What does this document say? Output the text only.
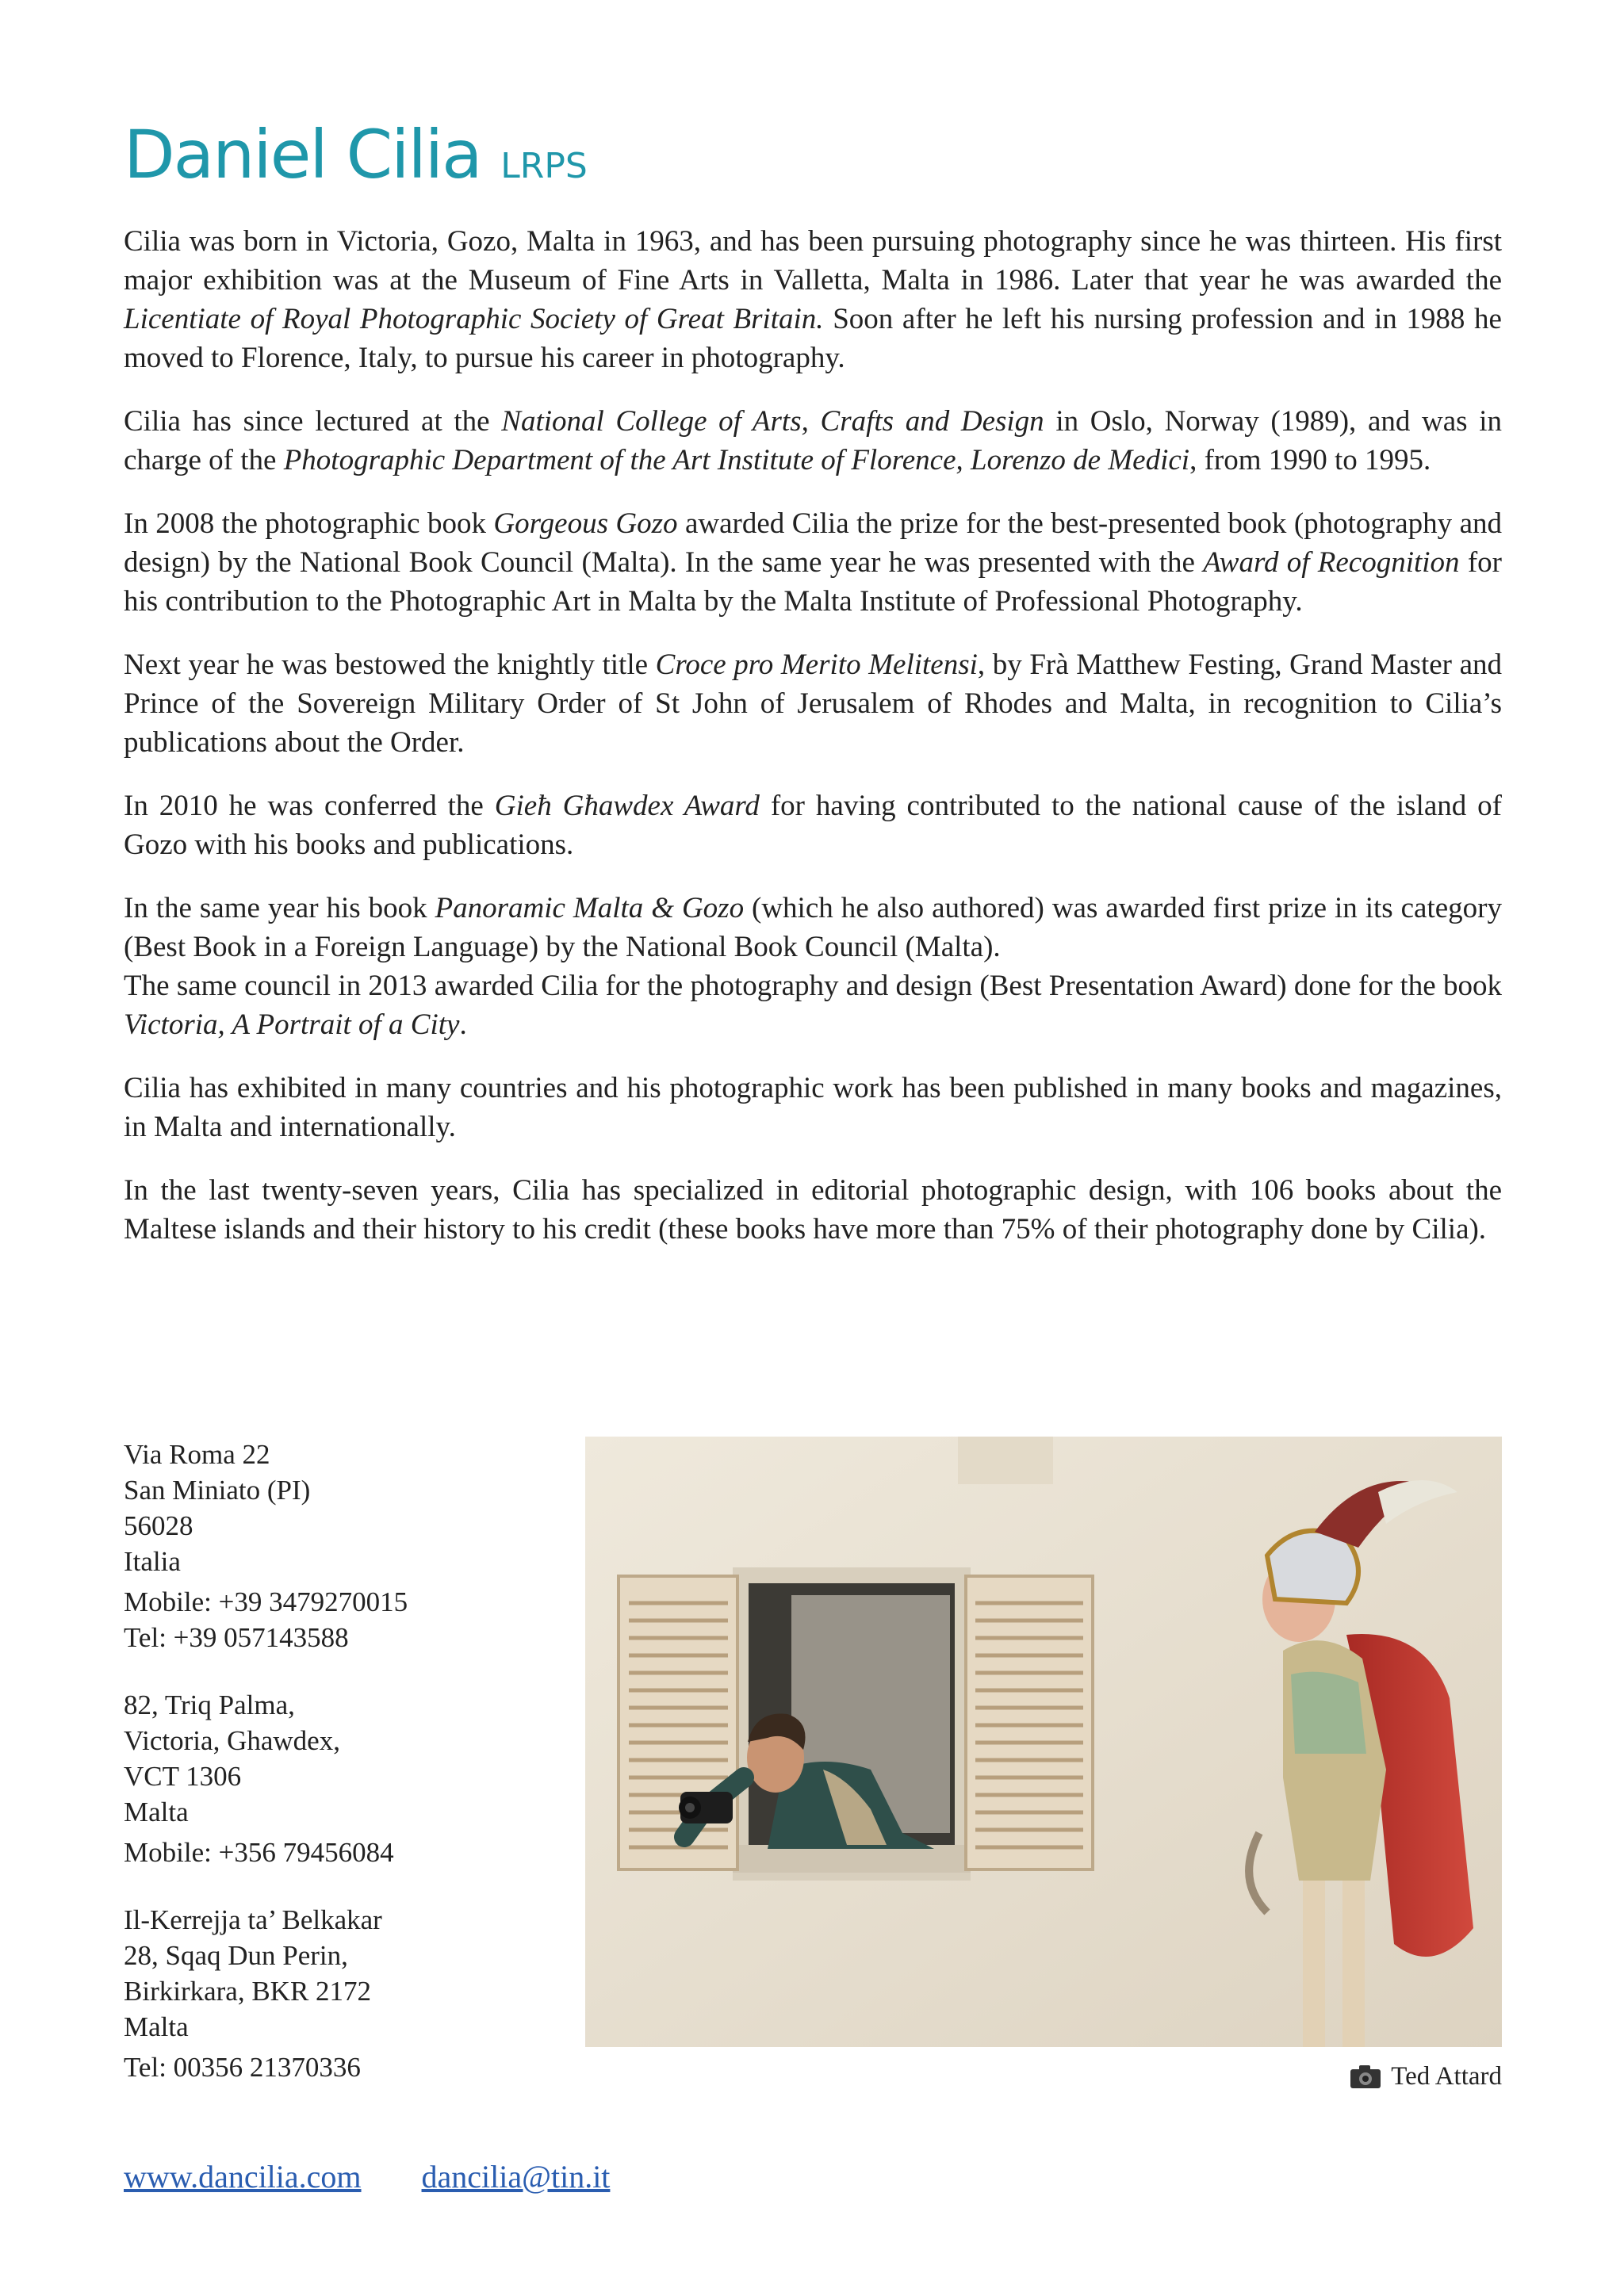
Daniel Cilia LRPS

Cilia was born in Victoria, Gozo, Malta in 1963, and has been pursuing photography since he was thirteen. His first major exhibition was at the Museum of Fine Arts in Valletta, Malta in 1986. Later that year he was awarded the Licentiate of Royal Photographic Society of Great Britain. Soon after he left his nursing profession and in 1988 he moved to Florence, Italy, to pursue his career in photography.

Cilia has since lectured at the National College of Arts, Crafts and Design in Oslo, Norway (1989), and was in charge of the Photographic Department of the Art Institute of Florence, Lorenzo de Medici, from 1990 to 1995.

In 2008 the photographic book Gorgeous Gozo awarded Cilia the prize for the best-presented book (photography and design) by the National Book Council (Malta). In the same year he was presented with the Award of Recognition for his contribution to the Photographic Art in Malta by the Malta Institute of Professional Photography.

Next year he was bestowed the knightly title Croce pro Merito Melitensi, by Frà Matthew Festing, Grand Master and Prince of the Sovereign Military Order of St John of Jerusalem of Rhodes and Malta, in recognition to Cilia’s publications about the Order.

In 2010 he was conferred the Gieħ Għawdex Award for having contributed to the national cause of the island of Gozo with his books and publications.

In the same year his book Panoramic Malta & Gozo (which he also authored) was awarded first prize in its category (Best Book in a Foreign Language) by the National Book Council (Malta).

The same council in 2013 awarded Cilia for the photography and design (Best Presentation Award) done for the book Victoria, A Portrait of a City.

Cilia has exhibited in many countries and his photographic work has been published in many books and magazines, in Malta and internationally.

In the last twenty-seven years, Cilia has specialized in editorial photographic design, with 106 books about the Maltese islands and their history to his credit (these books have more than 75% of their photography done by Cilia).

Via Roma 22
San Miniato (PI)
56028
Italia
Mobile: +39 3479270015
Tel: +39 057143588
82, Triq Palma,
Victoria, Ghawdex,
VCT 1306
Malta
Mobile: +356 79456084
Il-Kerrejja ta’ Belkakar
28, Sqaq Dun Perin,
Birkirkara, BKR 2172
Malta
Tel: 00356 21370336	Ted Attard
www.dancilia.com dancilia@tin.it
